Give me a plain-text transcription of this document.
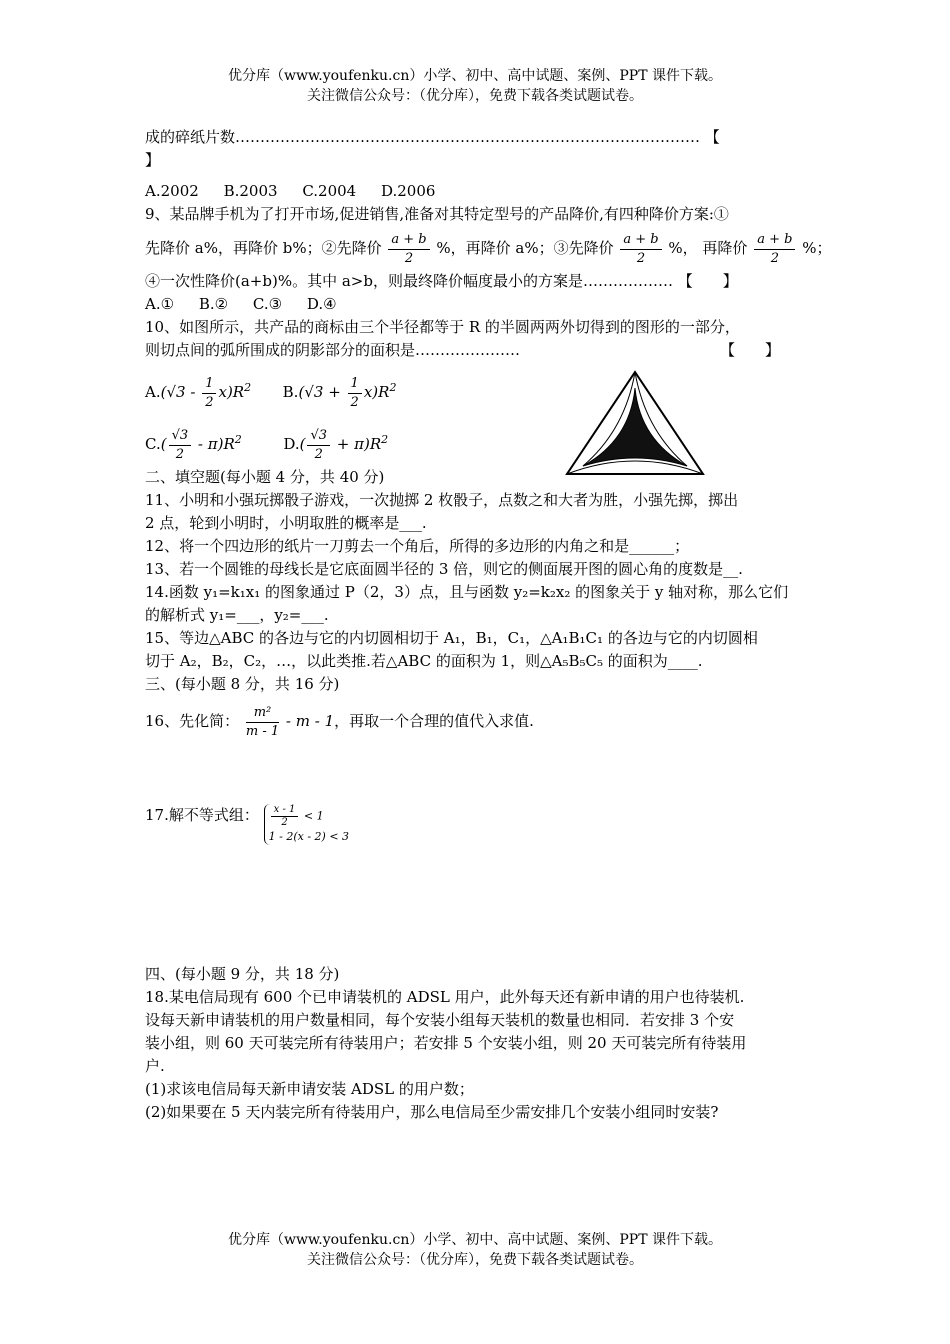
优分库（www.youfenku.cn）小学、初中、高中试题、案例、PPT 课件下载。
关注微信公众号：（优分库），免费下载各类试题试卷。

成的碎纸片数………………………………………………………………………………… 【

】

A.2002 B.2003 C.2004 D.2006

9、某品牌手机为了打开市场,促进销售,准备对其特定型号的产品降价,有四种降价方案:①

先降价 a%，再降价 b%；②先降价 $\frac{a + b}{2}$ %，再降价 a%；③先降价 $\frac{a + b}{2}$ %， 再降价 $\frac{a + b}{2}$ %；

④一次性降价(a+b)%。其中 a>b，则最终降价幅度最小的方案是……………… 【　　】

A.① B.② C.③ D.④

10、如图所示，共产品的商标由三个半径都等于 R 的半圆两两外切得到的图形的一部分，

则切点间的弧所围成的阴影部分的面积是…………………	【　　】

$A.(√3 - \frac{1}{2} x)R^2$ $B.(√3 + \frac{1}{2} x)R^2$
$C.( \frac{√3}{2} - \pi)R^2$	$D.( \frac{√3}{2} + \pi)R^2$

二、填空题(每小题 4 分，共 40 分)

11、小明和小强玩掷骰子游戏，一次抛掷 2 枚骰子，点数之和大者为胜，小强先掷，掷出

2 点，轮到小明时，小明取胜的概率是___.

12、将一个四边形的纸片一刀剪去一个角后，所得的多边形的内角之和是______；

13、若一个圆锥的母线长是它底面圆半径的 3 倍，则它的侧面展开图的圆心角的度数是__.

14.函数 y₁=k₁x₁ 的图象通过 P（2，3）点，且与函数 y₂=k₂x₂ 的图象关于 y 轴对称，那么它们

的解析式 y₁=___，y₂=___.

15、等边△ABC 的各边与它的内切圆相切于 A₁，B₁，C₁，△A₁B₁C₁ 的各边与它的内切圆相

切于 A₂，B₂，C₂，…，以此类推.若△ABC 的面积为 1，则△A₅B₅C₅ 的面积为____.

三、(每小题 8 分，共 16 分)

16、先化简： $\frac{\text{m²}}{m - 1}$ - m - 1，再取一个合理的值代入求值.

17.解不等式组： $\frac{x - 1}{2} < 1$
1 - 2(x - 2) < 3

四、(每小题 9 分，共 18 分)

18.某电信局现有 600 个已申请装机的 ADSL 用户，此外每天还有新申请的用户也待装机.

设每天新申请装机的用户数量相同，每个安装小组每天装机的数量也相同．若安排 3 个安

装小组，则 60 天可装完所有待装用户；若安排 5 个安装小组，则 20 天可装完所有待装用

户.

(1)求该电信局每天新申请安装 ADSL 的用户数；

(2)如果要在 5 天内装完所有待装用户，那么电信局至少需安排几个安装小组同时安装?

优分库（www.youfenku.cn）小学、初中、高中试题、案例、PPT 课件下载。
关注微信公众号：（优分库），免费下载各类试题试卷。
